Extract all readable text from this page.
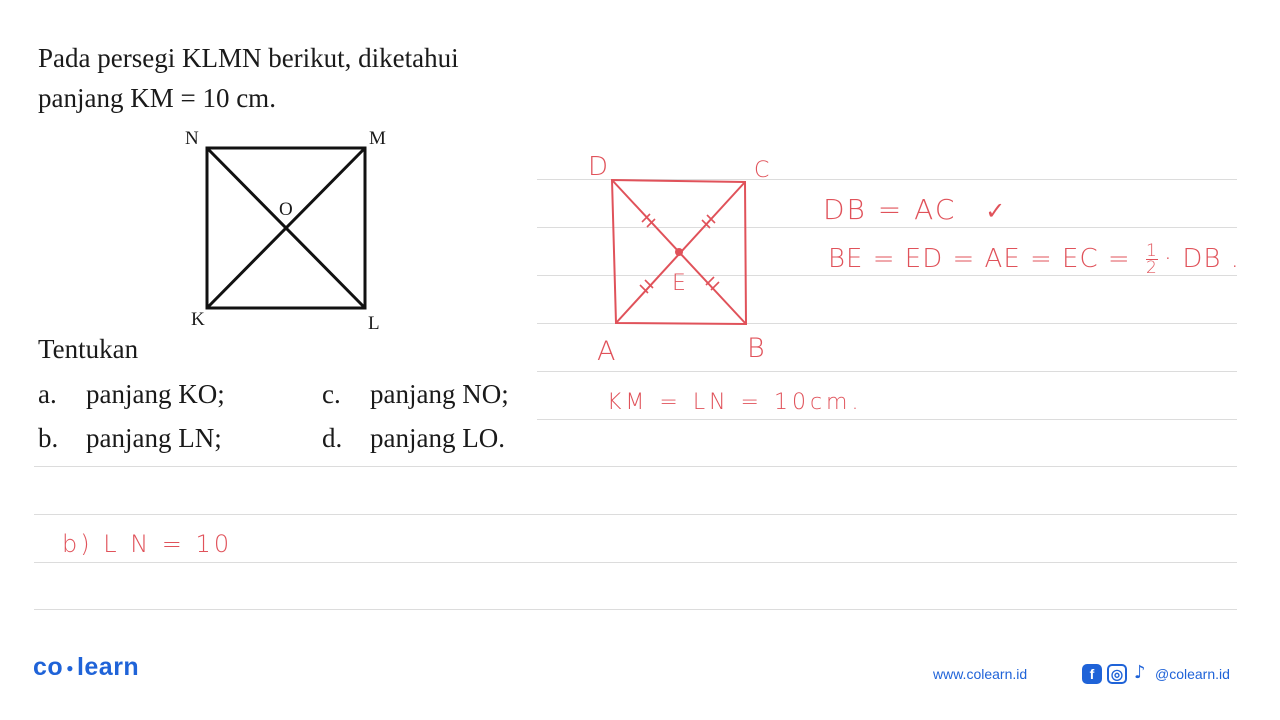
Pada persegi KLMN berikut, diketahui
panjang KM = 10 cm.
N	M
O
K	L
Tentukan
a. panjang KO;	c. panjang NO;
b. panjang LN;	d. panjang LO.
D	C
E
A	B
DB = AC ✓
BE = ED = AE = EC = $\frac{1}{2}$ · DB .
KM = LN = 10cm.
b) L N = 10
co ● learn	www.colearn.id	f	◎ ♪ @colearn.id
